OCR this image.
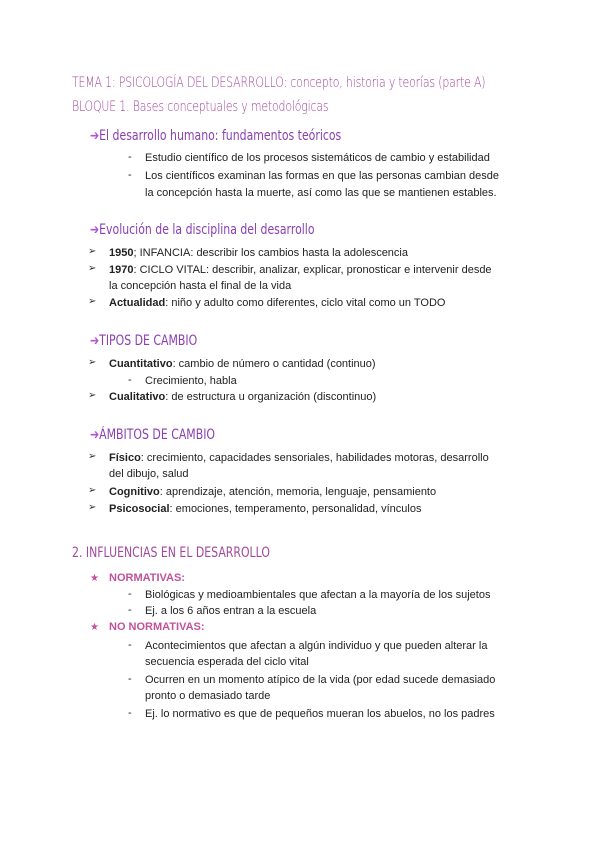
TEMA 1: PSICOLOGÍA DEL DESARROLLO: concepto, historia y teorías (parte A)
BLOQUE 1. Bases conceptuales y metodológicas
➔El desarrollo humano: fundamentos teóricos
- Estudio científico de los procesos sistemáticos de cambio y estabilidad
- Los científicos examinan las formas en que las personas cambian desde
la concepción hasta la muerte, así como las que se mantienen estables.
➔Evolución de la disciplina del desarrollo
➢ 1950; INFANCIA: describir los cambios hasta la adolescencia
➢ 1970: CICLO VITAL: describir, analizar, explicar, pronosticar e intervenir desde
la concepción hasta el final de la vida
➢ Actualidad: niño y adulto como diferentes, ciclo vital como un TODO
➔TIPOS DE CAMBIO
➢ Cuantitativo: cambio de número o cantidad (continuo)
- Crecimiento, habla
➢ Cualitativo: de estructura u organización (discontinuo)
➔ÁMBITOS DE CAMBIO
➢ Físico: crecimiento, capacidades sensoriales, habilidades motoras, desarrollo
del dibujo, salud
➢ Cognitivo: aprendizaje, atención, memoria, lenguaje, pensamiento
➢ Psicosocial: emociones, temperamento, personalidad, vínculos
2. INFLUENCIAS EN EL DESARROLLO
★ NORMATIVAS:
- Biológicas y medioambientales que afectan a la mayoría de los sujetos
- Ej. a los 6 años entran a la escuela
★ NO NORMATIVAS:
- Acontecimientos que afectan a algún individuo y que pueden alterar la
secuencia esperada del ciclo vital
- Ocurren en un momento atípico de la vida (por edad sucede demasiado
pronto o demasiado tarde
- Ej. lo normativo es que de pequeños mueran los abuelos, no los padres
